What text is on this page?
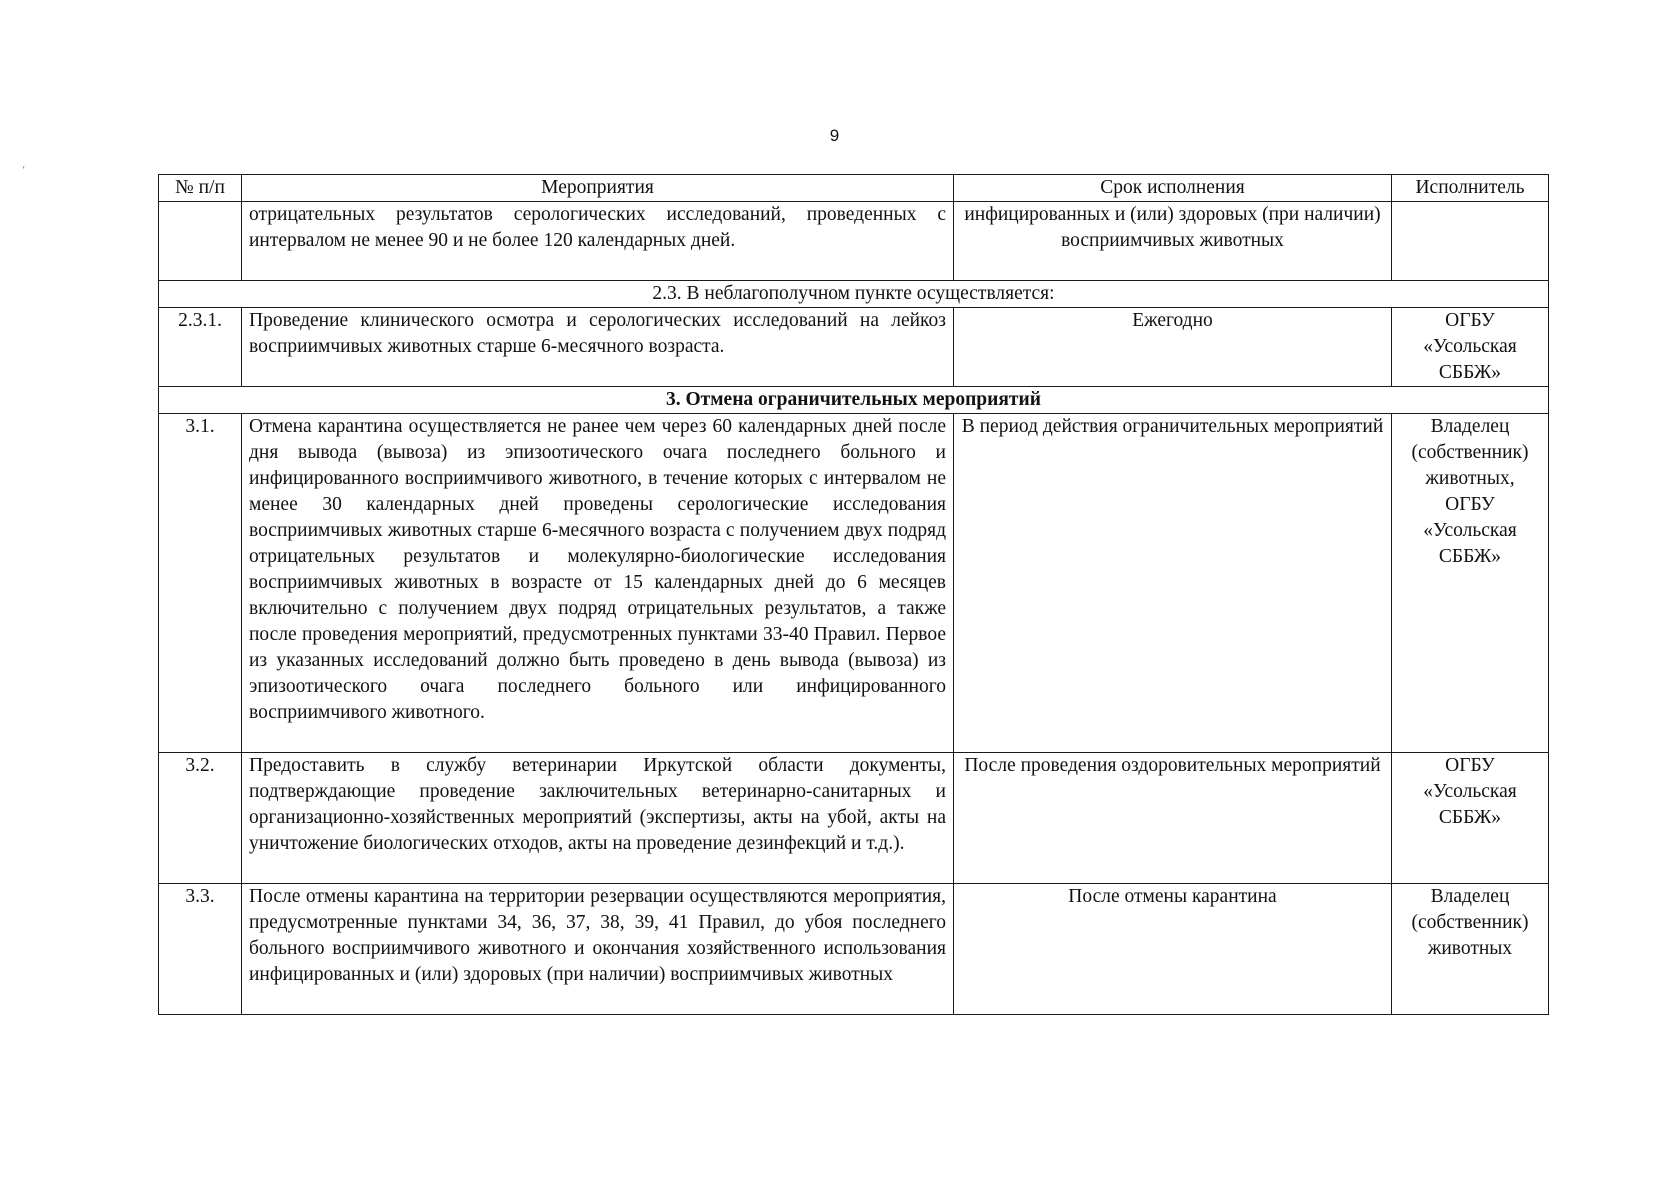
9
‘
№ п/п	Мероприятия	Срок исполнения	Исполнитель
	отрицательных результатов серологических исследований, проведенных с интервалом не менее 90 и не более 120 календарных дней.	инфицированных и (или) здоровых (при наличии) восприимчивых животных	
2.3. В неблагополучном пункте осуществляется:			
2.3.1.	Проведение клинического осмотра и серологических исследований на лейкоз восприимчивых животных старше 6-месячного возраста.	Ежегодно	ОГБУ «Усольская СББЖ»
3. Отмена ограничительных мероприятий			
3.1.	Отмена карантина осуществляется не ранее чем через 60 календарных дней после дня вывода (вывоза) из эпизоотического очага последнего больного и инфицированного восприимчивого животного, в течение которых с интервалом не менее 30 календарных дней проведены серологические исследования восприимчивых животных старше 6-месячного возраста с получением двух подряд отрицательных результатов и молекулярно-биологические исследования восприимчивых животных в возрасте от 15 календарных дней до 6 месяцев включительно с получением двух подряд отрицательных результатов, а также после проведения мероприятий, предусмотренных пунктами 33-40 Правил. Первое из указанных исследований должно быть проведено в день вывода (вывоза) из эпизоотического очага последнего больного или инфицированного восприимчивого животного.	В период действия ограничительных мероприятий	Владелец (собственник) животных, ОГБУ «Усольская СББЖ»
3.2.	Предоставить в службу ветеринарии Иркутской области документы, подтверждающие проведение заключительных ветеринарно-санитарных и организационно-хозяйственных мероприятий (экспертизы, акты на убой, акты на уничтожение биологических отходов, акты на проведение дезинфекций и т.д.).	После проведения оздоровительных мероприятий	ОГБУ «Усольская СББЖ»
3.3.	После отмены карантина на территории резервации осуществляются мероприятия, предусмотренные пунктами 34, 36, 37, 38, 39, 41 Правил, до убоя последнего больного восприимчивого животного и окончания хозяйственного использования инфицированных и (или) здоровых (при наличии) восприимчивых животных	После отмены карантина	Владелец (собственник) животных
